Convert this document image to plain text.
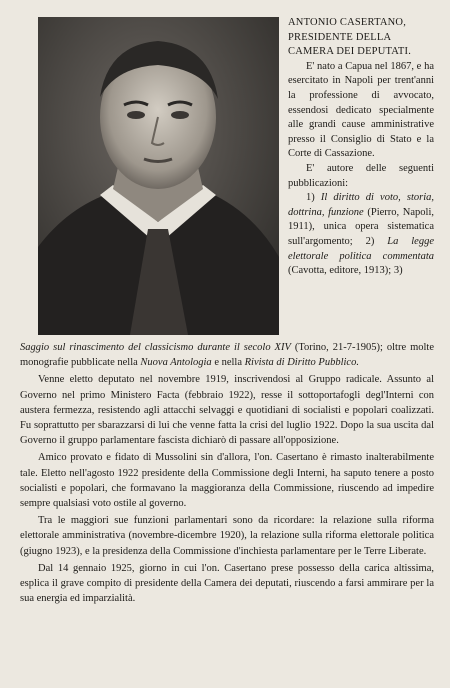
ANTONIO CASERTANO, PRESIDENTE DELLA CAMERA DEI DEPUTATI.

E' nato a Capua nel 1867, e ha esercitato in Napoli per trent'anni la professione di avvocato, essendosi dedicato specialmente alle grandi cause amministrative presso il Consiglio di Stato e la Corte di Cassazione.

E' autore delle seguenti pubblicazioni:

1) Il diritto di voto, storia, dottrina, funzione (Pierro, Napoli, 1911), unica opera sistematica sull'argomento; 2) La legge elettorale politica commentata (Cavotta, editore, 1913); 3)

Saggio sul rinascimento del classicismo durante il secolo XIV (Torino, 21-7-1905); oltre molte monografie pubblicate nella Nuova Antologia e nella Rivista di Diritto Pubblico.

Venne eletto deputato nel novembre 1919, inscrivendosi al Gruppo radicale. Assunto al Governo nel primo Ministero Facta (febbraio 1922), resse il sottoportafogli degl'Interni con austera fermezza, resistendo agli attacchi selvaggi e quotidiani di socialisti e popolari coalizzati. Fu soprattutto per sbarazzarsi di lui che venne fatta la crisi del luglio 1922. Dopo la sua uscita dal Governo il gruppo parlamentare fascista dichiarò di passare all'opposizione.

Amico provato e fidato di Mussolini sin d'allora, l'on. Casertano è rimasto inalterabilmente tale. Eletto nell'agosto 1922 presidente della Commissione degli Interni, ha saputo tenere a posto socialisti e popolari, che formavano la maggioranza della Commissione, riuscendo ad impedire sempre qualsiasi voto ostile al governo.

Tra le maggiori sue funzioni parlamentari sono da ricordare: la relazione sulla riforma elettorale amministrativa (novembre-dicembre 1920), la relazione sulla riforma elettorale politica (giugno 1923), e la presidenza della Commissione d'inchiesta parlamentare per le Terre Liberate.

Dal 14 gennaio 1925, giorno in cui l'on. Casertano prese possesso della carica altissima, esplica il grave compito di presidente della Camera dei deputati, riuscendo a farsi ammirare per la sua energia ed imparzialità.
